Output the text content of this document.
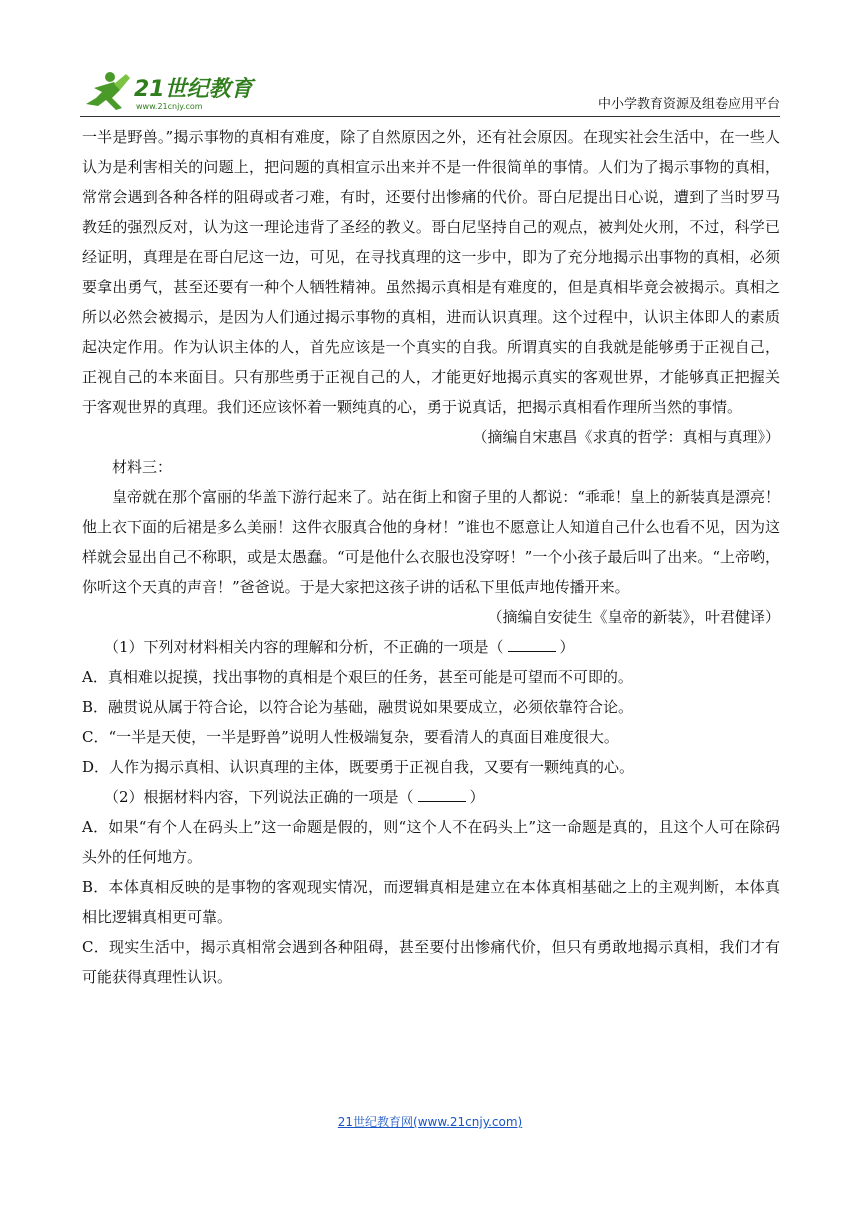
21世纪教育
www.21cnjy.com	中小学教育资源及组卷应用平台

一半是野兽。”揭示事物的真相有难度，除了自然原因之外，还有社会原因。在现实社会生活中，在一些人认为是利害相关的问题上，把问题的真相宣示出来并不是一件很简单的事情。人们为了揭示事物的真相，常常会遇到各种各样的阻碍或者刁难，有时，还要付出惨痛的代价。哥白尼提出日心说，遭到了当时罗马教廷的强烈反对，认为这一理论违背了圣经的教义。哥白尼坚持自己的观点，被判处火刑，不过，科学已经证明，真理是在哥白尼这一边，可见，在寻找真理的这一步中，即为了充分地揭示出事物的真相，必须要拿出勇气，甚至还要有一种个人牺牲精神。虽然揭示真相是有难度的，但是真相毕竟会被揭示。真相之所以必然会被揭示，是因为人们通过揭示事物的真相，进而认识真理。这个过程中，认识主体即人的素质起决定作用。作为认识主体的人，首先应该是一个真实的自我。所谓真实的自我就是能够勇于正视自己，正视自己的本来面目。只有那些勇于正视自己的人，才能更好地揭示真实的客观世界，才能够真正把握关于客观世界的真理。我们还应该怀着一颗纯真的心，勇于说真话，把揭示真相看作理所当然的事情。

（摘编自宋惠昌《求真的哲学：真相与真理》）

材料三：

皇帝就在那个富丽的华盖下游行起来了。站在街上和窗子里的人都说：“乖乖！皇上的新装真是漂亮！他上衣下面的后裙是多么美丽！这件衣服真合他的身材！”谁也不愿意让人知道自己什么也看不见，因为这样就会显出自己不称职，或是太愚蠢。“可是他什么衣服也没穿呀！”一个小孩子最后叫了出来。“上帝哟，你听这个天真的声音！”爸爸说。于是大家把这孩子讲的话私下里低声地传播开来。

（摘编自安徒生《皇帝的新装》，叶君健译）

（1）下列对材料相关内容的理解和分析，不正确的一项是（	）

A．真相难以捉摸，找出事物的真相是个艰巨的任务，甚至可能是可望而不可即的。

B．融贯说从属于符合论，以符合论为基础，融贯说如果要成立，必须依靠符合论。

C．“一半是天使，一半是野兽”说明人性极端复杂，要看清人的真面目难度很大。

D．人作为揭示真相、认识真理的主体，既要勇于正视自我，又要有一颗纯真的心。

（2）根据材料内容，下列说法正确的一项是（	）

A．如果“有个人在码头上”这一命题是假的，则“这个人不在码头上”这一命题是真的，且这个人可在除码头外的任何地方。

B．本体真相反映的是事物的客观现实情况，而逻辑真相是建立在本体真相基础之上的主观判断，本体真相比逻辑真相更可靠。

C．现实生活中，揭示真相常会遇到各种阻碍，甚至要付出惨痛代价，但只有勇敢地揭示真相，我们才有可能获得真理性认识。

21世纪教育网(www.21cnjy.com)
